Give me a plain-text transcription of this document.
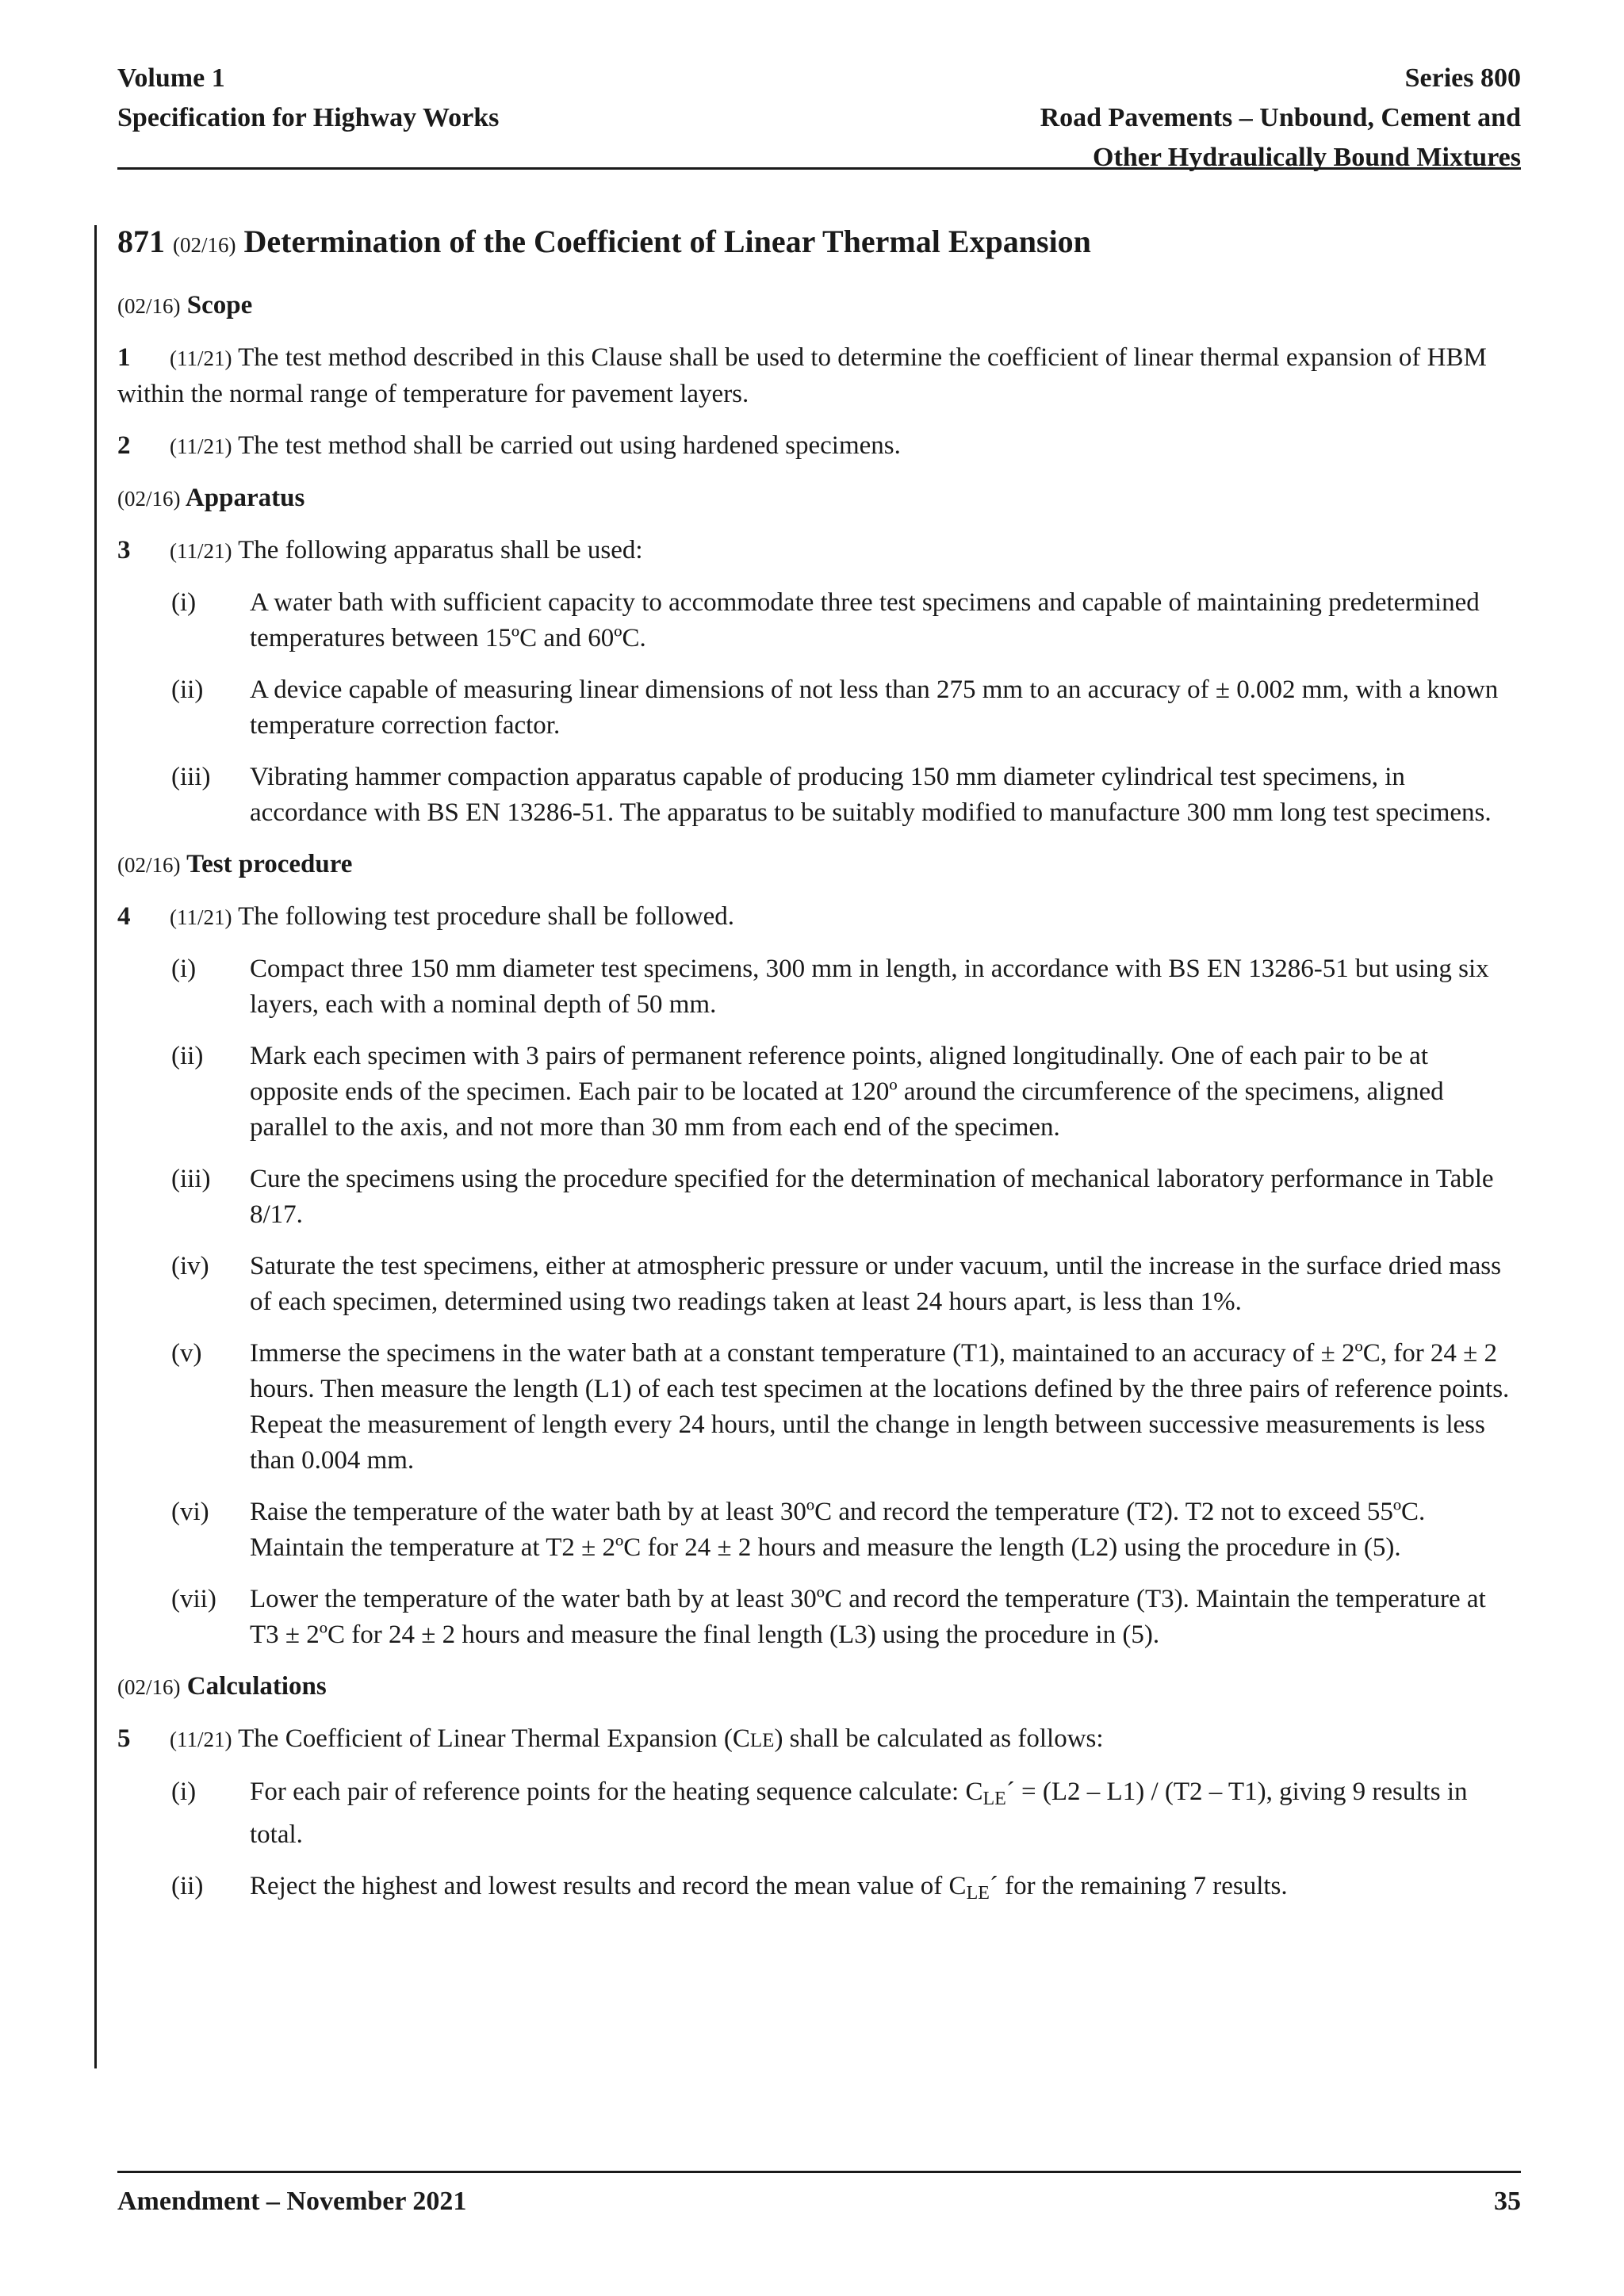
Volume 1
Specification for Highway Works
Series 800
Road Pavements – Unbound, Cement and
Other Hydraulically Bound Mixtures
871 (02/16) Determination of the Coefficient of Linear Thermal Expansion
(02/16) Scope
1 (11/21) The test method described in this Clause shall be used to determine the coefficient of linear thermal expansion of HBM within the normal range of temperature for pavement layers.
2 (11/21) The test method shall be carried out using hardened specimens.
(02/16) Apparatus
3 (11/21) The following apparatus shall be used:
(i)	A water bath with sufficient capacity to accommodate three test specimens and capable of maintaining predetermined temperatures between 15ºC and 60ºC.
(ii)	A device capable of measuring linear dimensions of not less than 275 mm to an accuracy of ± 0.002 mm, with a known temperature correction factor.
(iii)	Vibrating hammer compaction apparatus capable of producing 150 mm diameter cylindrical test specimens, in accordance with BS EN 13286-51. The apparatus to be suitably modified to manufacture 300 mm long test specimens.
(02/16) Test procedure
4 (11/21) The following test procedure shall be followed.
(i)	Compact three 150 mm diameter test specimens, 300 mm in length, in accordance with BS EN 13286-51 but using six layers, each with a nominal depth of 50 mm.
(ii)	Mark each specimen with 3 pairs of permanent reference points, aligned longitudinally. One of each pair to be at opposite ends of the specimen. Each pair to be located at 120º around the circumference of the specimens, aligned parallel to the axis, and not more than 30 mm from each end of the specimen.
(iii)	Cure the specimens using the procedure specified for the determination of mechanical laboratory performance in Table 8/17.
(iv)	Saturate the test specimens, either at atmospheric pressure or under vacuum, until the increase in the surface dried mass of each specimen, determined using two readings taken at least 24 hours apart, is less than 1%.
(v)	Immerse the specimens in the water bath at a constant temperature (T1), maintained to an accuracy of ± 2ºC, for 24 ± 2 hours. Then measure the length (L1) of each test specimen at the locations defined by the three pairs of reference points. Repeat the measurement of length every 24 hours, until the change in length between successive measurements is less than 0.004 mm.
(vi)	Raise the temperature of the water bath by at least 30ºC and record the temperature (T2). T2 not to exceed 55ºC. Maintain the temperature at T2 ± 2ºC for 24 ± 2 hours and measure the length (L2) using the procedure in (5).
(vii)	Lower the temperature of the water bath by at least 30ºC and record the temperature (T3). Maintain the temperature at T3 ± 2ºC for 24 ± 2 hours and measure the final length (L3) using the procedure in (5).
(02/16) Calculations
5 (11/21) The Coefficient of Linear Thermal Expansion (CLE) shall be calculated as follows:
(i)	For each pair of reference points for the heating sequence calculate: $C_{LE}´ = (L2 - L1) / (T2 - T1)$, giving 9 results in total.
(ii)	Reject the highest and lowest results and record the mean value of $C_{LE}´$ for the remaining 7 results.
Amendment – November 2021	35
